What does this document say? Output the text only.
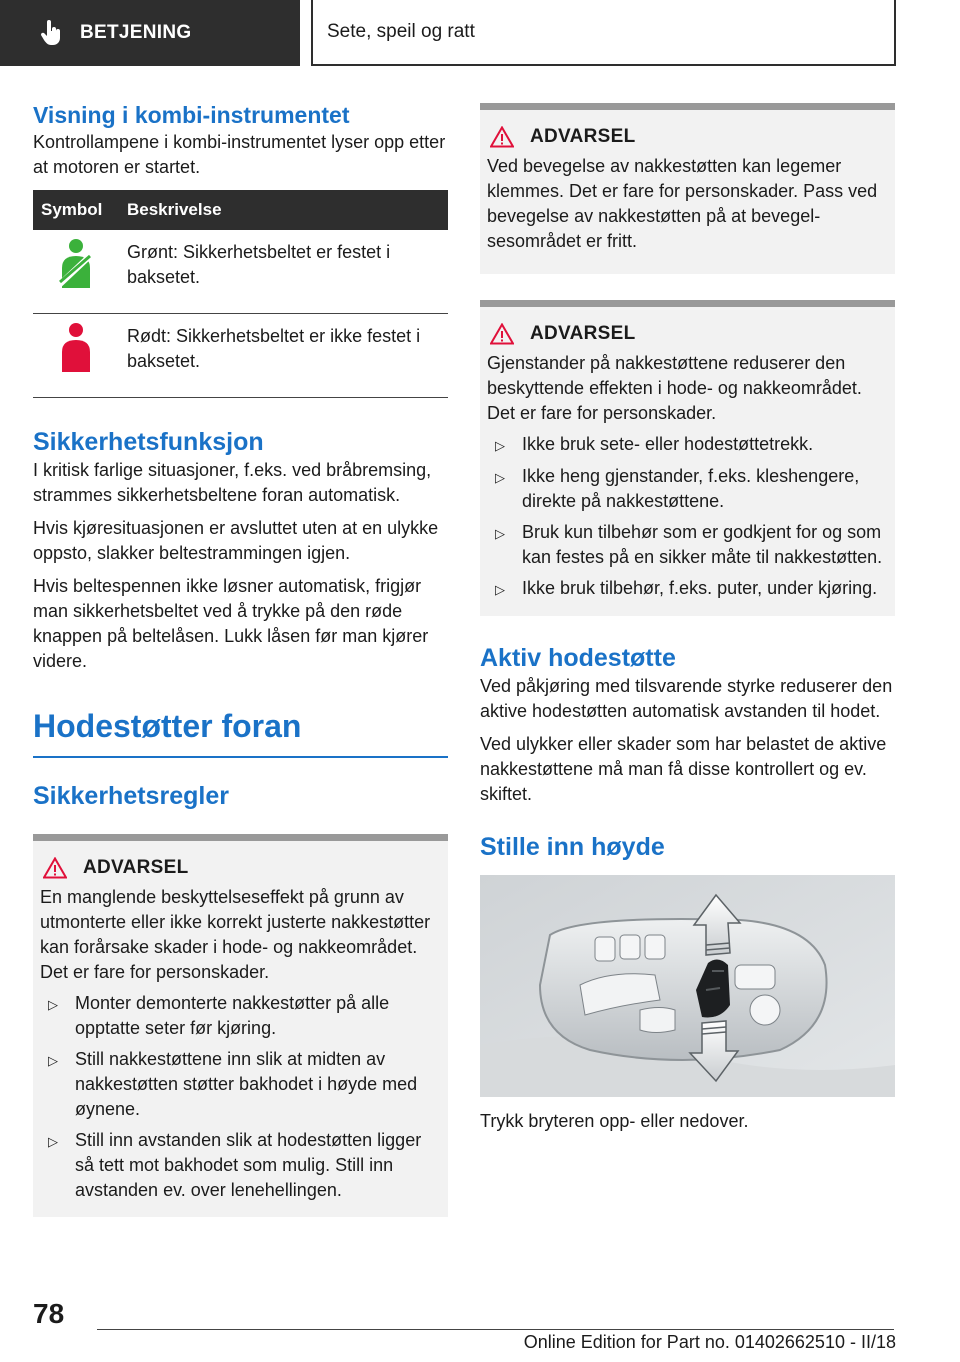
BETJENING	Sete, speil og ratt
Visning i kombi-instrumentet

Kontrollampene i kombi-instrumentet lyser opp etter at motoren er startet.

Symbol	Beskrivelse
	Grønt: Sikkerhetsbeltet er festet i baksetet.
	Rødt: Sikkerhetsbeltet er ikke festet i baksetet.
Sikkerhetsfunksjon

I kritisk farlige situasjoner, f.eks. ved bråbremsing, strammes sikkerhetsbeltene foran automatisk.

Hvis kjøresituasjonen er avsluttet uten at en ulykke oppsto, slakker beltestrammingen igjen.

Hvis beltespennen ikke løsner automatisk, frigjør man sikkerhetsbeltet ved å trykke på den røde knappen på beltelåsen. Lukk låsen før man kjører videre.

Hodestøtter foran
Sikkerhetsregler
ADVARSEL

En manglende beskyttelseseffekt på grunn av utmonterte eller ikke korrekt justerte nakkestøtter kan forårsake skader i hode- og nakkeområdet. Det er fare for personskader.

▷ Monter demonterte nakkestøtter på alle opptatte seter før kjøring.
▷ Still nakkestøttene inn slik at midten av nakkestøtten støtter bakhodet i høyde med øynene.
▷ Still inn avstanden slik at hodestøtten ligger så tett mot bakhodet som mulig. Still inn avstanden ev. over lenehellingen.
ADVARSEL

Ved bevegelse av nakkestøtten kan legemer klemmes. Det er fare for personskader. Pass ved bevegelse av nakkestøtten på at bevegelsesområdet er fritt.

ADVARSEL

Gjenstander på nakkestøttene reduserer den beskyttende effekten i hode- og nakkeområdet. Det er fare for personskader.

▷ Ikke bruk sete- eller hodestøttetrekk.
▷ Ikke heng gjenstander, f.eks. kleshengere, direkte på nakkestøttene.
▷ Bruk kun tilbehør som er godkjent for og som kan festes på en sikker måte til nakkestøtten.
▷ Ikke bruk tilbehør, f.eks. puter, under kjøring.
Aktiv hodestøtte

Ved påkjøring med tilsvarende styrke reduserer den aktive hodestøtten automatisk avstanden til hodet.

Ved ulykker eller skader som har belastet de aktive nakkestøttene må man få disse kontrollert og ev. skiftet.

Stille inn høyde

Trykk bryteren opp- eller nedover.

78
Online Edition for Part no. 01402662510 - II/18
